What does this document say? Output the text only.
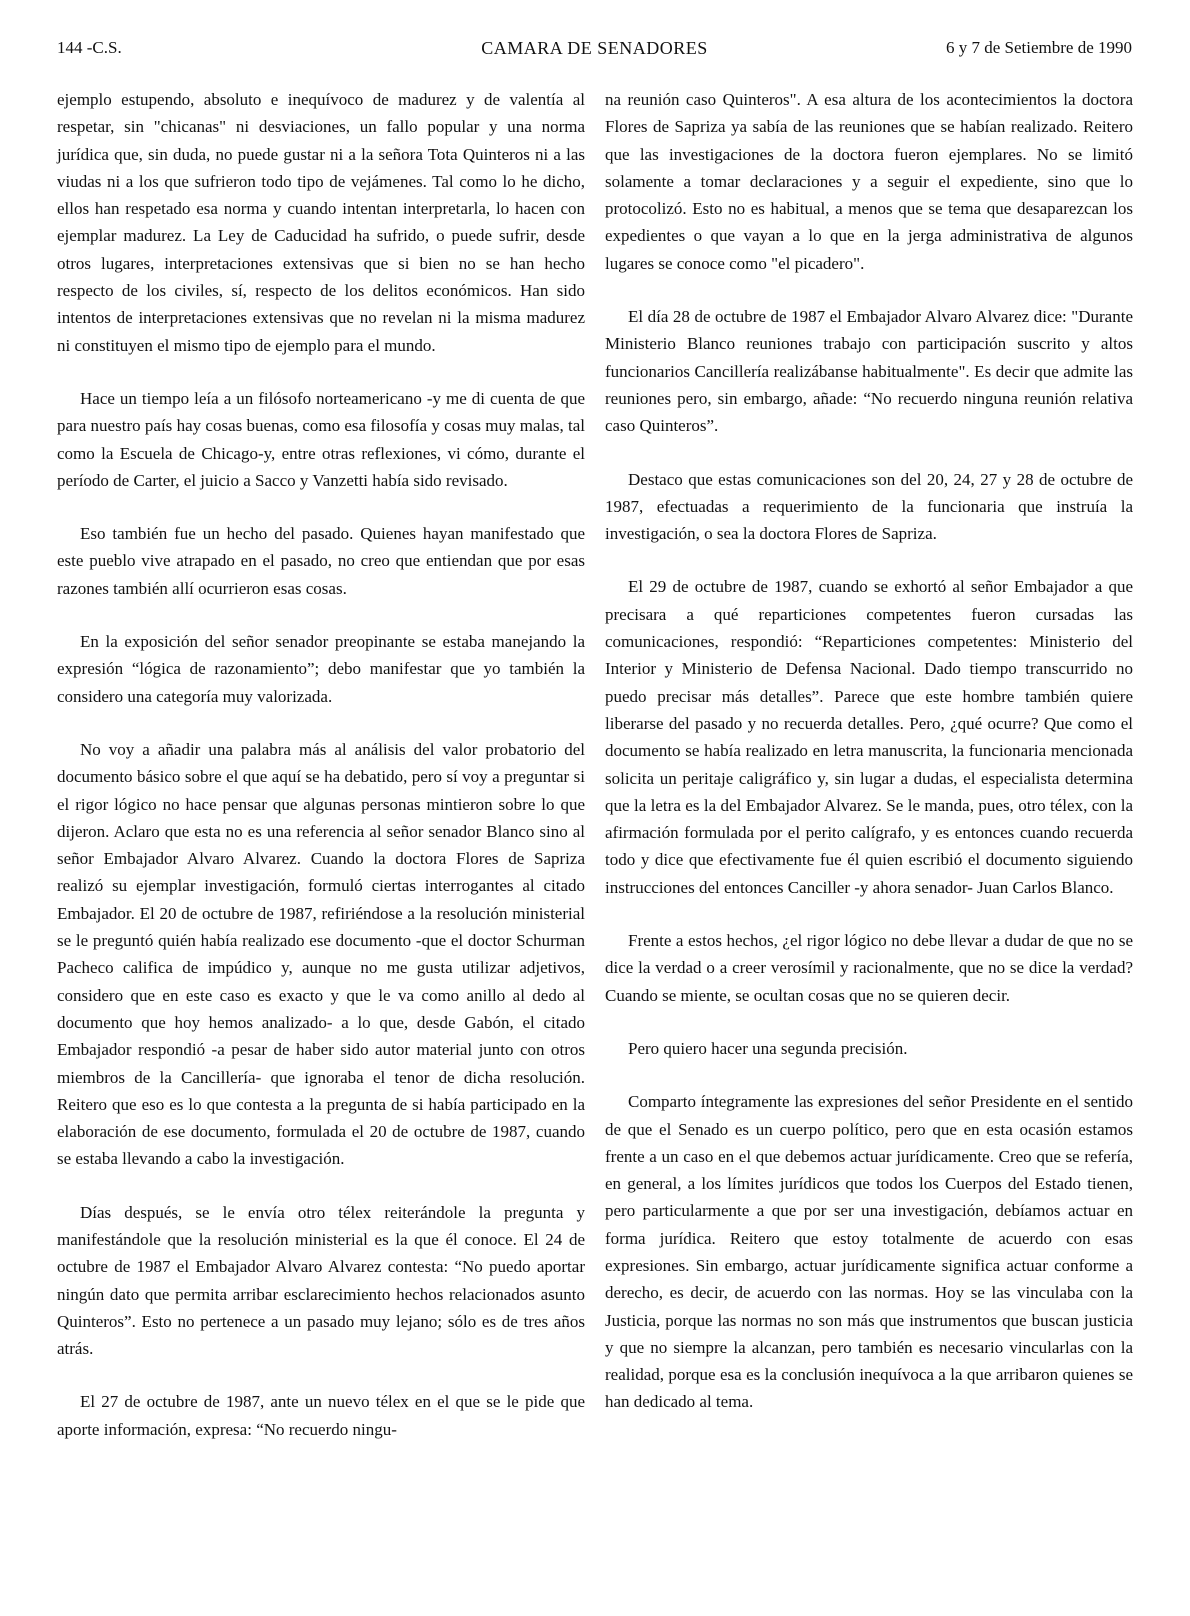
144 -C.S.	CAMARA DE SENADORES	6 y 7 de Setiembre de 1990

ejemplo estupendo, absoluto e inequívoco de madurez y de valentía al respetar, sin "chicanas" ni desviaciones, un fallo popular y una norma jurídica que, sin duda, no puede gustar ni a la señora Tota Quinteros ni a las viudas ni a los que sufrieron todo tipo de vejámenes. Tal como lo he dicho, ellos han respetado esa norma y cuando intentan interpretarla, lo hacen con ejemplar madurez. La Ley de Caducidad ha sufrido, o puede sufrir, desde otros lugares, interpretaciones extensivas que si bien no se han hecho respecto de los civiles, sí, respecto de los delitos económicos. Han sido intentos de interpretaciones extensivas que no revelan ni la misma madurez ni constituyen el mismo tipo de ejemplo para el mundo.

Hace un tiempo leía a un filósofo norteamericano -y me di cuenta de que para nuestro país hay cosas buenas, como esa filosofía y cosas muy malas, tal como la Escuela de Chicago-y, entre otras reflexiones, vi cómo, durante el período de Carter, el juicio a Sacco y Vanzetti había sido revisado.

Eso también fue un hecho del pasado. Quienes hayan manifestado que este pueblo vive atrapado en el pasado, no creo que entiendan que por esas razones también allí ocurrieron esas cosas.

En la exposición del señor senador preopinante se estaba manejando la expresión “lógica de razonamiento”; debo manifestar que yo también la considero una categoría muy valorizada.

No voy a añadir una palabra más al análisis del valor probatorio del documento básico sobre el que aquí se ha debatido, pero sí voy a preguntar si el rigor lógico no hace pensar que algunas personas mintieron sobre lo que dijeron. Aclaro que esta no es una referencia al señor senador Blanco sino al señor Embajador Alvaro Alvarez. Cuando la doctora Flores de Sapriza realizó su ejemplar investigación, formuló ciertas interrogantes al citado Embajador. El 20 de octubre de 1987, refiriéndose a la resolución ministerial se le preguntó quién había realizado ese documento -que el doctor Schurman Pacheco califica de impúdico y, aunque no me gusta utilizar adjetivos, considero que en este caso es exacto y que le va como anillo al dedo al documento que hoy hemos analizado- a lo que, desde Gabón, el citado Embajador respondió -a pesar de haber sido autor material junto con otros miembros de la Cancillería- que ignoraba el tenor de dicha resolución. Reitero que eso es lo que contesta a la pregunta de si había participado en la elaboración de ese documento, formulada el 20 de octubre de 1987, cuando se estaba llevando a cabo la investigación.

Días después, se le envía otro télex reiterándole la pregunta y manifestándole que la resolución ministerial es la que él conoce. El 24 de octubre de 1987 el Embajador Alvaro Alvarez contesta: “No puedo aportar ningún dato que permita arribar esclarecimiento hechos relacionados asunto Quinteros”. Esto no pertenece a un pasado muy lejano; sólo es de tres años atrás.

El 27 de octubre de 1987, ante un nuevo télex en el que se le pide que aporte información, expresa: “No recuerdo ningu-

na reunión caso Quinteros". A esa altura de los acontecimientos la doctora Flores de Sapriza ya sabía de las reuniones que se habían realizado. Reitero que las investigaciones de la doctora fueron ejemplares. No se limitó solamente a tomar declaraciones y a seguir el expediente, sino que lo protocolizó. Esto no es habitual, a menos que se tema que desaparezcan los expedientes o que vayan a lo que en la jerga administrativa de algunos lugares se conoce como "el picadero".

El día 28 de octubre de 1987 el Embajador Alvaro Alvarez dice: "Durante Ministerio Blanco reuniones trabajo con participación suscrito y altos funcionarios Cancillería realizábanse habitualmente". Es decir que admite las reuniones pero, sin embargo, añade: “No recuerdo ninguna reunión relativa caso Quinteros”.

Destaco que estas comunicaciones son del 20, 24, 27 y 28 de octubre de 1987, efectuadas a requerimiento de la funcionaria que instruía la investigación, o sea la doctora Flores de Sapriza.

El 29 de octubre de 1987, cuando se exhortó al señor Embajador a que precisara a qué reparticiones competentes fueron cursadas las comunicaciones, respondió: “Reparticiones competentes: Ministerio del Interior y Ministerio de Defensa Nacional. Dado tiempo transcurrido no puedo precisar más detalles”. Parece que este hombre también quiere liberarse del pasado y no recuerda detalles. Pero, ¿qué ocurre? Que como el documento se había realizado en letra manuscrita, la funcionaria mencionada solicita un peritaje caligráfico y, sin lugar a dudas, el especialista determina que la letra es la del Embajador Alvarez. Se le manda, pues, otro télex, con la afirmación formulada por el perito calígrafo, y es entonces cuando recuerda todo y dice que efectivamente fue él quien escribió el documento siguiendo instrucciones del entonces Canciller -y ahora senador- Juan Carlos Blanco.

Frente a estos hechos, ¿el rigor lógico no debe llevar a dudar de que no se dice la verdad o a creer verosímil y racionalmente, que no se dice la verdad? Cuando se miente, se ocultan cosas que no se quieren decir.

Pero quiero hacer una segunda precisión.

Comparto íntegramente las expresiones del señor Presidente en el sentido de que el Senado es un cuerpo político, pero que en esta ocasión estamos frente a un caso en el que debemos actuar jurídicamente. Creo que se refería, en general, a los límites jurídicos que todos los Cuerpos del Estado tienen, pero particularmente a que por ser una investigación, debíamos actuar en forma jurídica. Reitero que estoy totalmente de acuerdo con esas expresiones. Sin embargo, actuar jurídicamente significa actuar conforme a derecho, es decir, de acuerdo con las normas. Hoy se las vinculaba con la Justicia, porque las normas no son más que instrumentos que buscan justicia y que no siempre la alcanzan, pero también es necesario vincularlas con la realidad, porque esa es la conclusión inequívoca a la que arribaron quienes se han dedicado al tema.
